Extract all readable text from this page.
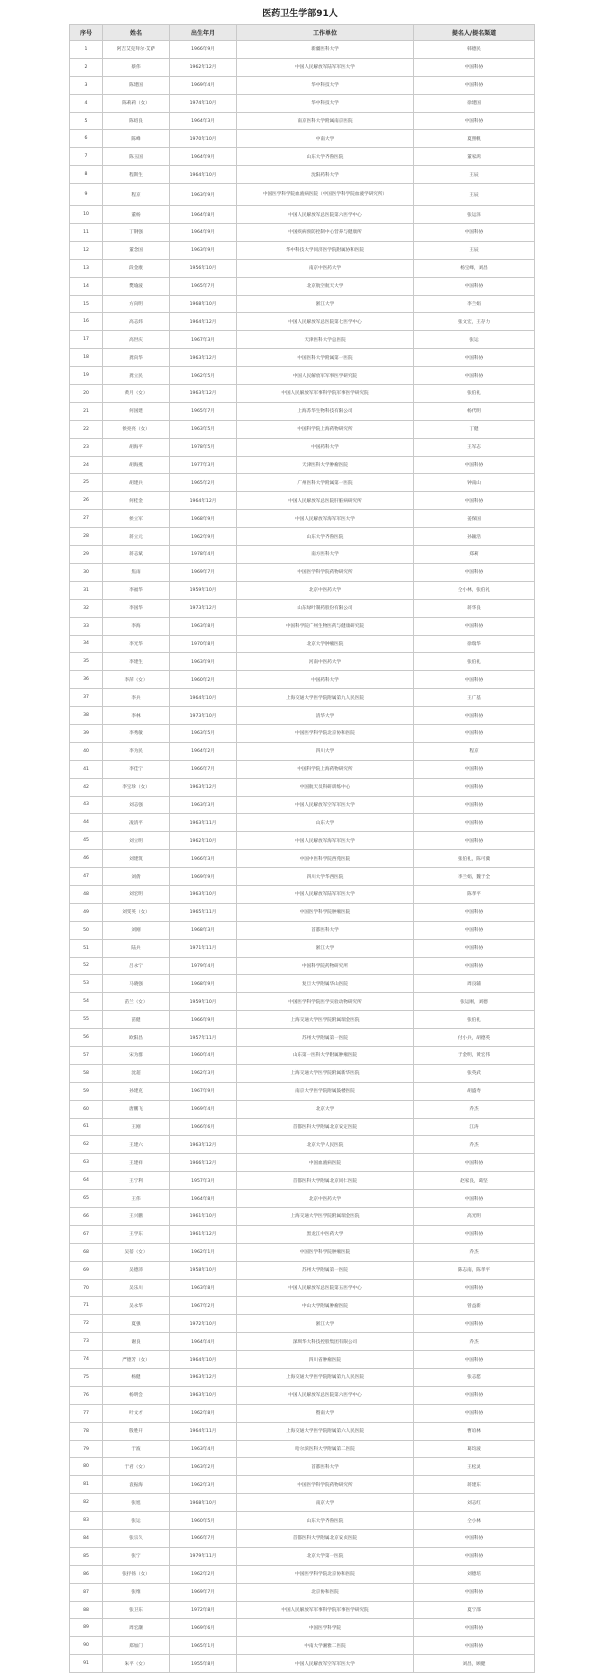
医药卫生学部91人
序号	姓名	出生年月	工作单位	提名人/提名渠道
1	阿吉艾克拜尔·艾萨	1966年9月	新疆医科大学	韩德民
2	蔡伟	1962年12月	中国人民解放军陆军军医大学	中国科协
3	陈建国	1969年4月	华中科技大学	中国科协
4	陈莉莉（女）	1974年10月	华中科技大学	徐建国
5	陈绍良	1964年3月	南京医科大学附属南京医院	中国科协
6	陈峰	1970年10月	中南大学	夏照帆
7	陈玉国	1964年9月	山东大学齐鲁医院	董家鸿
8	程斯生	1964年10月	沈阳药科大学	王辰
9	程京	1963年9月	中国医学科学院血液病医院（中国医学科学院血液学研究所）	王辰
10	董杨	1964年8月	中国人民解放军总医院第六医学中心	张运泽
11	丁钢强	1964年9月	中国疾病预防控制中心营养与健康所	中国科协
12	董念国	1963年9月	华中科技大学同济医学院附属协和医院	王辰
13	段金廒	1956年10月	南京中医药大学	杨宝峰，刘昌
14	樊瑜波	1965年7月	北京航空航天大学	中国科协
15	方向明	1968年10月	浙江大学	李兰娟
16	高志炜	1964年12月	中国人民解放军总医院第七医学中心	张文宏，王存力
17	高世庆	1967年3月	天津医科大学总医院	张运
18	龚向华	1963年12月	中国医科大学附属第一医院	中国科协
19	龚立民	1962年5月	中国人民解放军军事医学研究院	中国科协
20	黄月（女）	1963年12月	中国人民解放军军事科学院军事医学研究院	张伯礼
21	何国建	1965年7月	上海苏华生物科技有限公司	杨代明
22	侯亮亮（女）	1963年5月	中国科学院上海药物研究所	丁健
23	胡海平	1978年5月	中国药科大学	王军志
24	胡海燕	1977年3月	天津医科大学肿瘤医院	中国科协
25	胡建兵	1965年2月	广州医科大学附属第一医院	钟南山
26	何桂金	1964年12月	中国人民解放军总医院肝脏病研究所	中国科协
27	侯立军	1968年9月	中国人民解放军海军军医大学	姜保国
28	蒋立元	1962年9月	山东大学齐鲁医院	孙颖浩
29	蒋志斌	1978年4月	南方医科大学	郑莉
30	焦雨	1969年7月	中国医学科学院药物研究所	中国科协
31	李福华	1959年10月	北京中医药大学	仝小林，张伯礼
32	李国华	1973年12月	山东绿叶制药股份有限公司	蒋华良
33	李海	1963年8月	中国科学院广州生物医药与健康研究院	中国科协
34	李光华	1970年8月	北京大学肿瘤医院	徐瑞华
35	李建生	1963年9月	河南中医药大学	张伯礼
36	李萍（女）	1960年2月	中国药科大学	中国科协
37	李兵	1964年10月	上海交通大学医学院附属第九人民医院	王广基
38	李林	1973年10月	清华大学	中国科协
39	李秀敏	1963年5月	中国医学科学院北京协和医院	中国科协
40	李为民	1964年2月	四川大学	程京
41	李佳宁	1966年7月	中国科学院上海药物研究所	中国科协
42	李宝珍（女）	1963年12月	中国航天员科研训练中心	中国科协
43	刘志强	1963年3月	中国人民解放军空军军医大学	中国科协
44	凌清平	1963年11月	山东大学	中国科协
45	刘立明	1962年10月	中国人民解放军海军军医大学	中国科协
46	刘建筑	1966年3月	中国中医科学院西苑医院	张伯礼，陈可冀
47	刘倩	1969年9月	四川大学华西医院	李兰娟，魏于全
48	刘宏明	1963年10月	中国人民解放军陆军军医大学	陈孝平
49	刘雯英（女）	1965年11月	中国医学科学院肿瘤医院	中国科协
50	刘刚	1968年3月	首都医科大学	中国科协
51	陆兵	1971年11月	浙江大学	中国科协
52	吕永宁	1979年4月	中国科学院药物研究所	中国科协
53	马晓强	1968年9月	复旦大学附属华山医院	周良辅
54	苗兰（女）	1959年10月	中国医学科学院医学实验动物研究所	张运刚，刘德
55	苗健	1966年9月	上海交通大学医学院附属瑞金医院	张伯礼
56	欧阳昌	1957年11月	苏州大学附属第一医院	付小兵，胡德英
57	宋为群	1960年4月	山东第一医科大学附属肿瘤医院	于金明，黄宏伟
58	沈超	1962年3月	上海交通大学医学院附属新华医院	张英武
59	孙建克	1967年9月	南京大学医学院附属鼓楼医院	胡盛寿
60	唐鹏飞	1969年4月	北京大学	乔杰
61	王刚	1966年6月	首都医科大学附属北京安定医院	江涛
62	王建六	1963年12月	北京大学人民医院	乔杰
63	王建祥	1966年12月	中国血液病医院	中国科协
64	王宁利	1957年3月	首都医科大学附属北京同仁医院	赵家良，葛坚
65	王伟	1964年8月	北京中医药大学	中国科协
66	王兴鹏	1961年10月	上海交通大学医学院附属瑞金医院	高光明
67	王学东	1961年12月	黑龙江中医药大学	中国科协
68	吴蓓（女）	1962年1月	中国医学科学院肿瘤医院	乔杰
69	吴德沛	1958年10月	苏州大学附属第一医院	陈志南，陈孝平
70	吴乐川	1963年8月	中国人民解放军总医院第五医学中心	中国科协
71	吴永华	1967年2月	中山大学附属肿瘤医院	曾益新
72	夏强	1972年10月	浙江大学	中国科协
73	谢良	1964年4月	深圳华大科技控股集团有限公司	乔杰
74	严德芳（女）	1964年10月	四川省肿瘤医院	中国科协
75	杨健	1963年12月	上海交通大学医学院附属第九人民医院	张志愿
76	杨明会	1963年10月	中国人民解放军总医院第六医学中心	中国科协
77	叶文才	1962年8月	暨南大学	中国科协
78	殷胜开	1964年11月	上海交通大学医学院附属第六人民医院	曹谊林
79	于波	1963年4月	哈尔滨医科大学附属第二医院	葛均波
80	于君（女）	1963年2月	首都医科大学	王松灵
81	袁振海	1962年3月	中国医学科学院药物研究所	蒋建东
82	张旭	1968年10月	南京大学	刘志红
83	张运	1960年5月	山东大学齐鲁医院	仝小林
84	张宗久	1966年7月	首都医科大学附属北京安贞医院	中国科协
85	张宁	1979年11月	北京大学第一医院	中国科协
86	张抒扬（女）	1962年2月	中国医学科学院北京协和医院	刘德培
87	张维	1969年7月	北京协和医院	中国科协
88	张卫东	1972年8月	中国人民解放军军事科学院军事医学研究院	夏宁邵
89	周宏灏	1969年6月	中国医学科学院	中国科协
90	郑加门	1965年1月	中南大学湘雅二医院	中国科协
91	朱平（女）	1955年8月	中国人民解放军空军军医大学	刘昌，顾健
